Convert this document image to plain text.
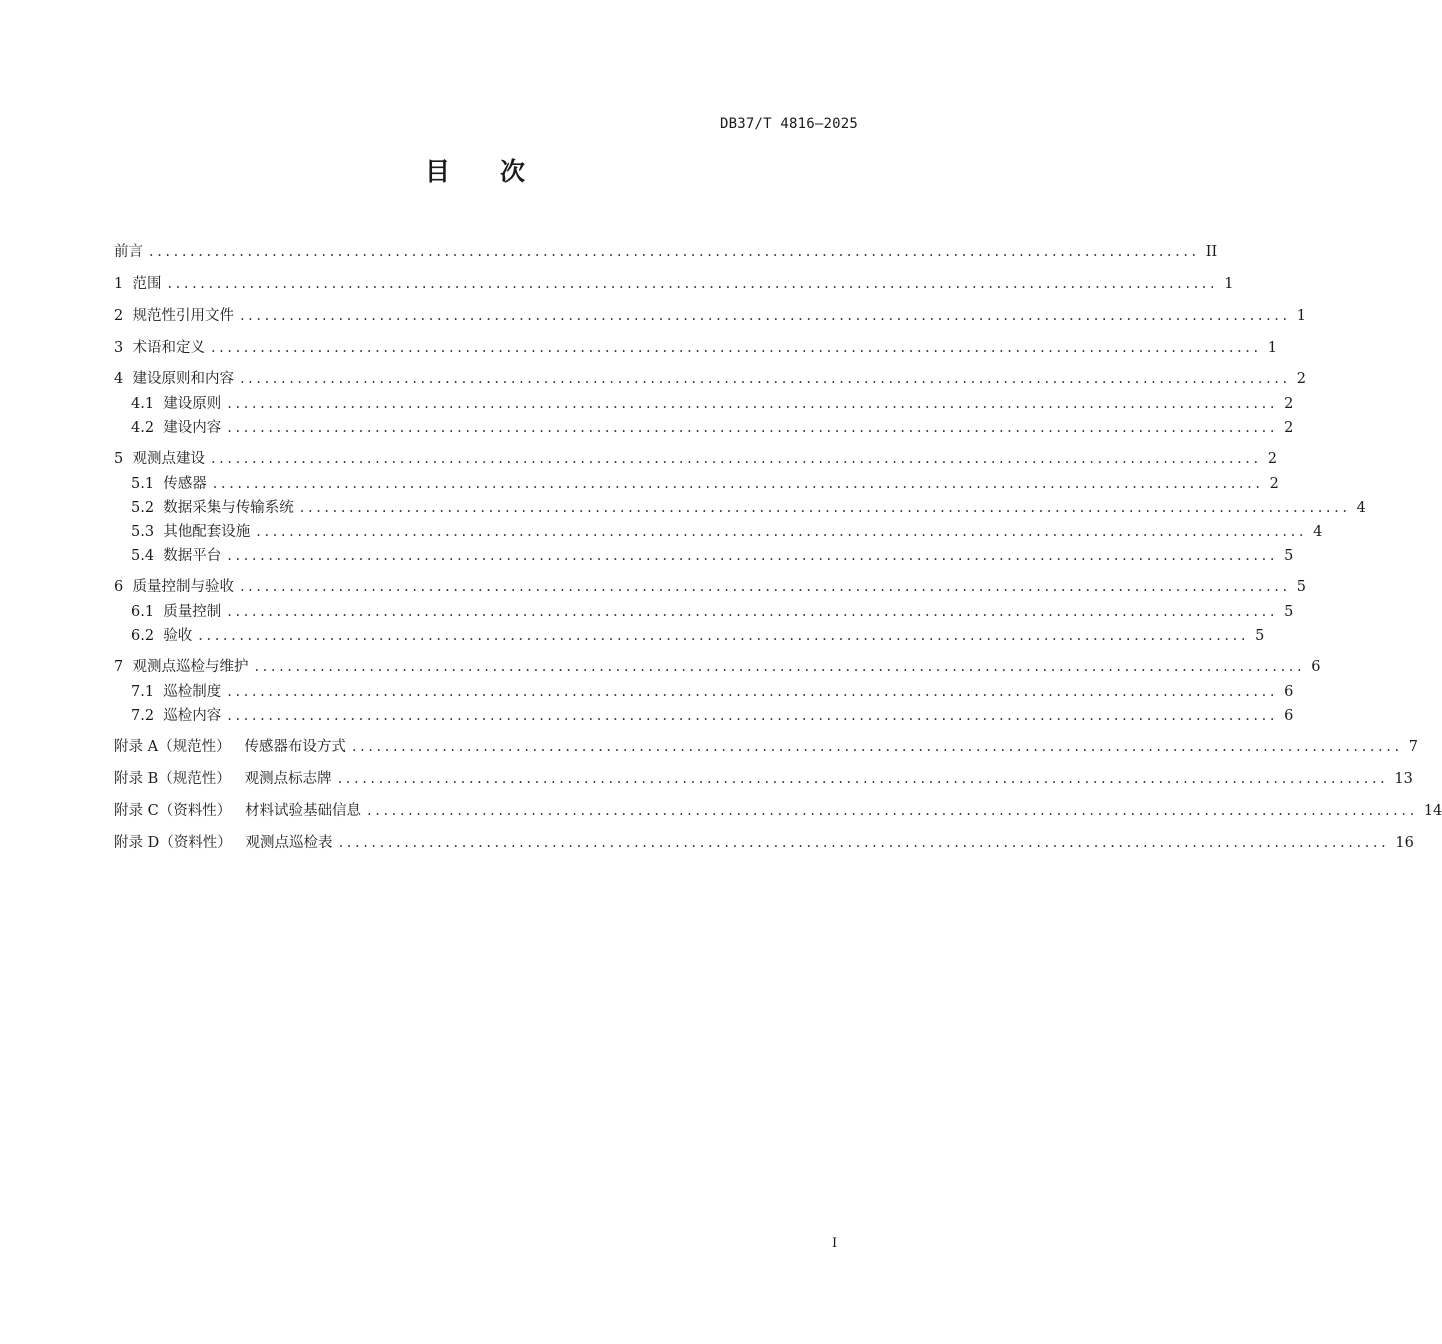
DB37/T 4816—2025
目 次
前言 ................................................................................................................................ II
1 范围 ................................................................................................................................ 1
2 规范性引用文件 ................................................................................................................................ 1
3 术语和定义 ................................................................................................................................ 1
4 建设原则和内容 ................................................................................................................................ 2
4.1 建设原则 ................................................................................................................................ 2
4.2 建设内容 ................................................................................................................................ 2
5 观测点建设 ................................................................................................................................ 2
5.1 传感器 ................................................................................................................................ 2
5.2 数据采集与传输系统 ................................................................................................................................ 4
5.3 其他配套设施 ................................................................................................................................ 4
5.4 数据平台 ................................................................................................................................ 5
6 质量控制与验收 ................................................................................................................................ 5
6.1 质量控制 ................................................................................................................................ 5
6.2 验收 ................................................................................................................................ 5
7 观测点巡检与维护 ................................................................................................................................ 6
7.1 巡检制度 ................................................................................................................................ 6
7.2 巡检内容 ................................................................................................................................ 6
附录 A（规范性）   传感器布设方式 ................................................................................................................................ 7
附录 B（规范性）   观测点标志牌 ................................................................................................................................ 13
附录 C（资料性）   材料试验基础信息 ................................................................................................................................ 14
附录 D（资料性）   观测点巡检表 ................................................................................................................................ 16
I
